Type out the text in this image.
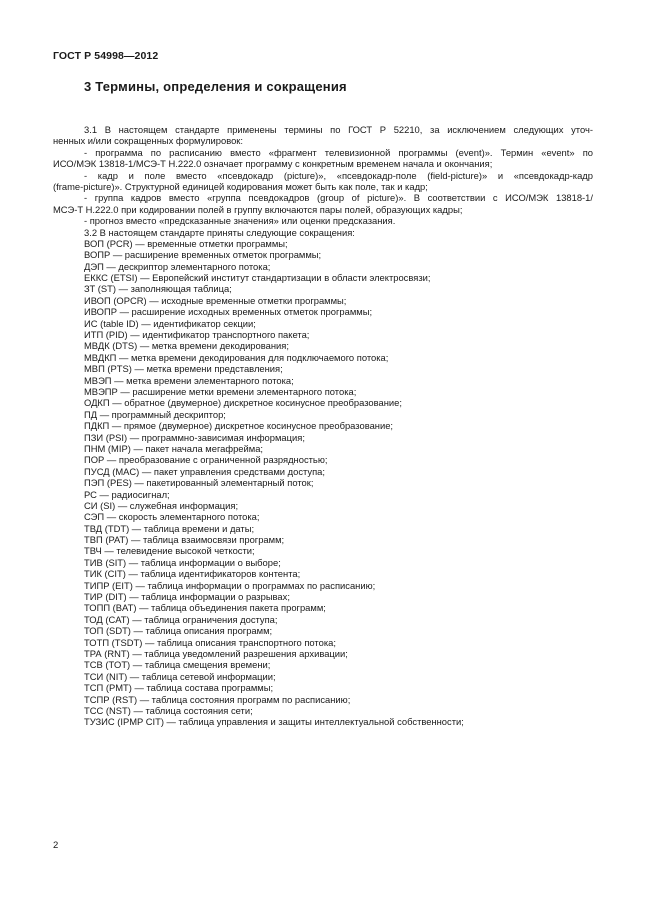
ГОСТ Р 54998—2012
3 Термины, определения и сокращения
3.1 В настоящем стандарте применены термины по ГОСТ Р 52210, за исключением следующих уточ-
ненных и/или сокращенных формулировок:
- программа по расписанию вместо «фрагмент телевизионной программы (event)». Термин «event» по
ИСО/МЭК 13818-1/МСЭ-Т Н.222.0 означает программу с конкретным временем начала и окончания;
- кадр и поле вместо «псевдокадр (picture)», «псевдокадр-поле (field-picture)» и «псевдокадр-кадр
(frame-picture)». Структурной единицей кодирования может быть как поле, так и кадр;
- группа кадров вместо «группа псевдокадров (group of picture)». В соответствии с ИСО/МЭК 13818-1/
МСЭ-Т Н.222.0 при кодировании полей в группу включаются пары полей, образующих кадры;
- прогноз вместо «предсказанные значения» или оценки предсказания.
3.2 В настоящем стандарте приняты следующие сокращения:
ВОП (PCR) — временные отметки программы;
ВОПР — расширение временных отметок программы;
ДЭП — дескриптор элементарного потока;
ЕККС (ETSI) — Европейский институт стандартизации в области электросвязи;
ЗТ (ST) — заполняющая таблица;
ИВОП (OPCR) — исходные временные отметки программы;
ИВОПР — расширение исходных временных отметок программы;
ИС (table ID) — идентификатор секции;
ИТП (PID) — идентификатор транспортного пакета;
МВДК (DTS) — метка времени декодирования;
МВДКП — метка времени декодирования для подключаемого потока;
МВП (PTS) — метка времени представления;
МВЭП — метка времени элементарного потока;
МВЭПР — расширение метки времени элементарного потока;
ОДКП — обратное (двумерное) дискретное косинусное преобразование;
ПД — программный дескриптор;
ПДКП — прямое (двумерное) дискретное косинусное преобразование;
ПЗИ (PSI) — программно-зависимая информация;
ПНМ (MIP) — пакет начала мегафрейма;
ПОР — преобразование с ограниченной разрядностью;
ПУСД (MAC) — пакет управления средствами доступа;
ПЭП (PES) — пакетированный элементарный поток;
РС — радиосигнал;
СИ (SI) — служебная информация;
СЭП — скорость элементарного потока;
ТВД (TDT) — таблица времени и даты;
ТВП (PAT) — таблица взаимосвязи программ;
ТВЧ — телевидение высокой четкости;
ТИВ (SIT) — таблица информации о выборе;
ТИК (CIT) — таблица идентификаторов контента;
ТИПР (EIT) — таблица информации о программах по расписанию;
ТИР (DIT) — таблица информации о разрывах;
ТОПП (BAT) — таблица объединения пакета программ;
ТОД (CAT) — таблица ограничения доступа;
ТОП (SDT) — таблица описания программ;
ТОТП (TSDT) — таблица описания транспортного потока;
ТРА (RNT) — таблица уведомлений разрешения архивации;
ТСВ (TOT) — таблица смещения времени;
ТСИ (NIT) — таблица сетевой информации;
ТСП (PMT) — таблица состава программы;
ТСПР (RST) — таблица состояния программ по расписанию;
ТСС (NST) — таблица состояния сети;
ТУЗИС (IPMP CIT) — таблица управления и защиты интеллектуальной собственности;
2
